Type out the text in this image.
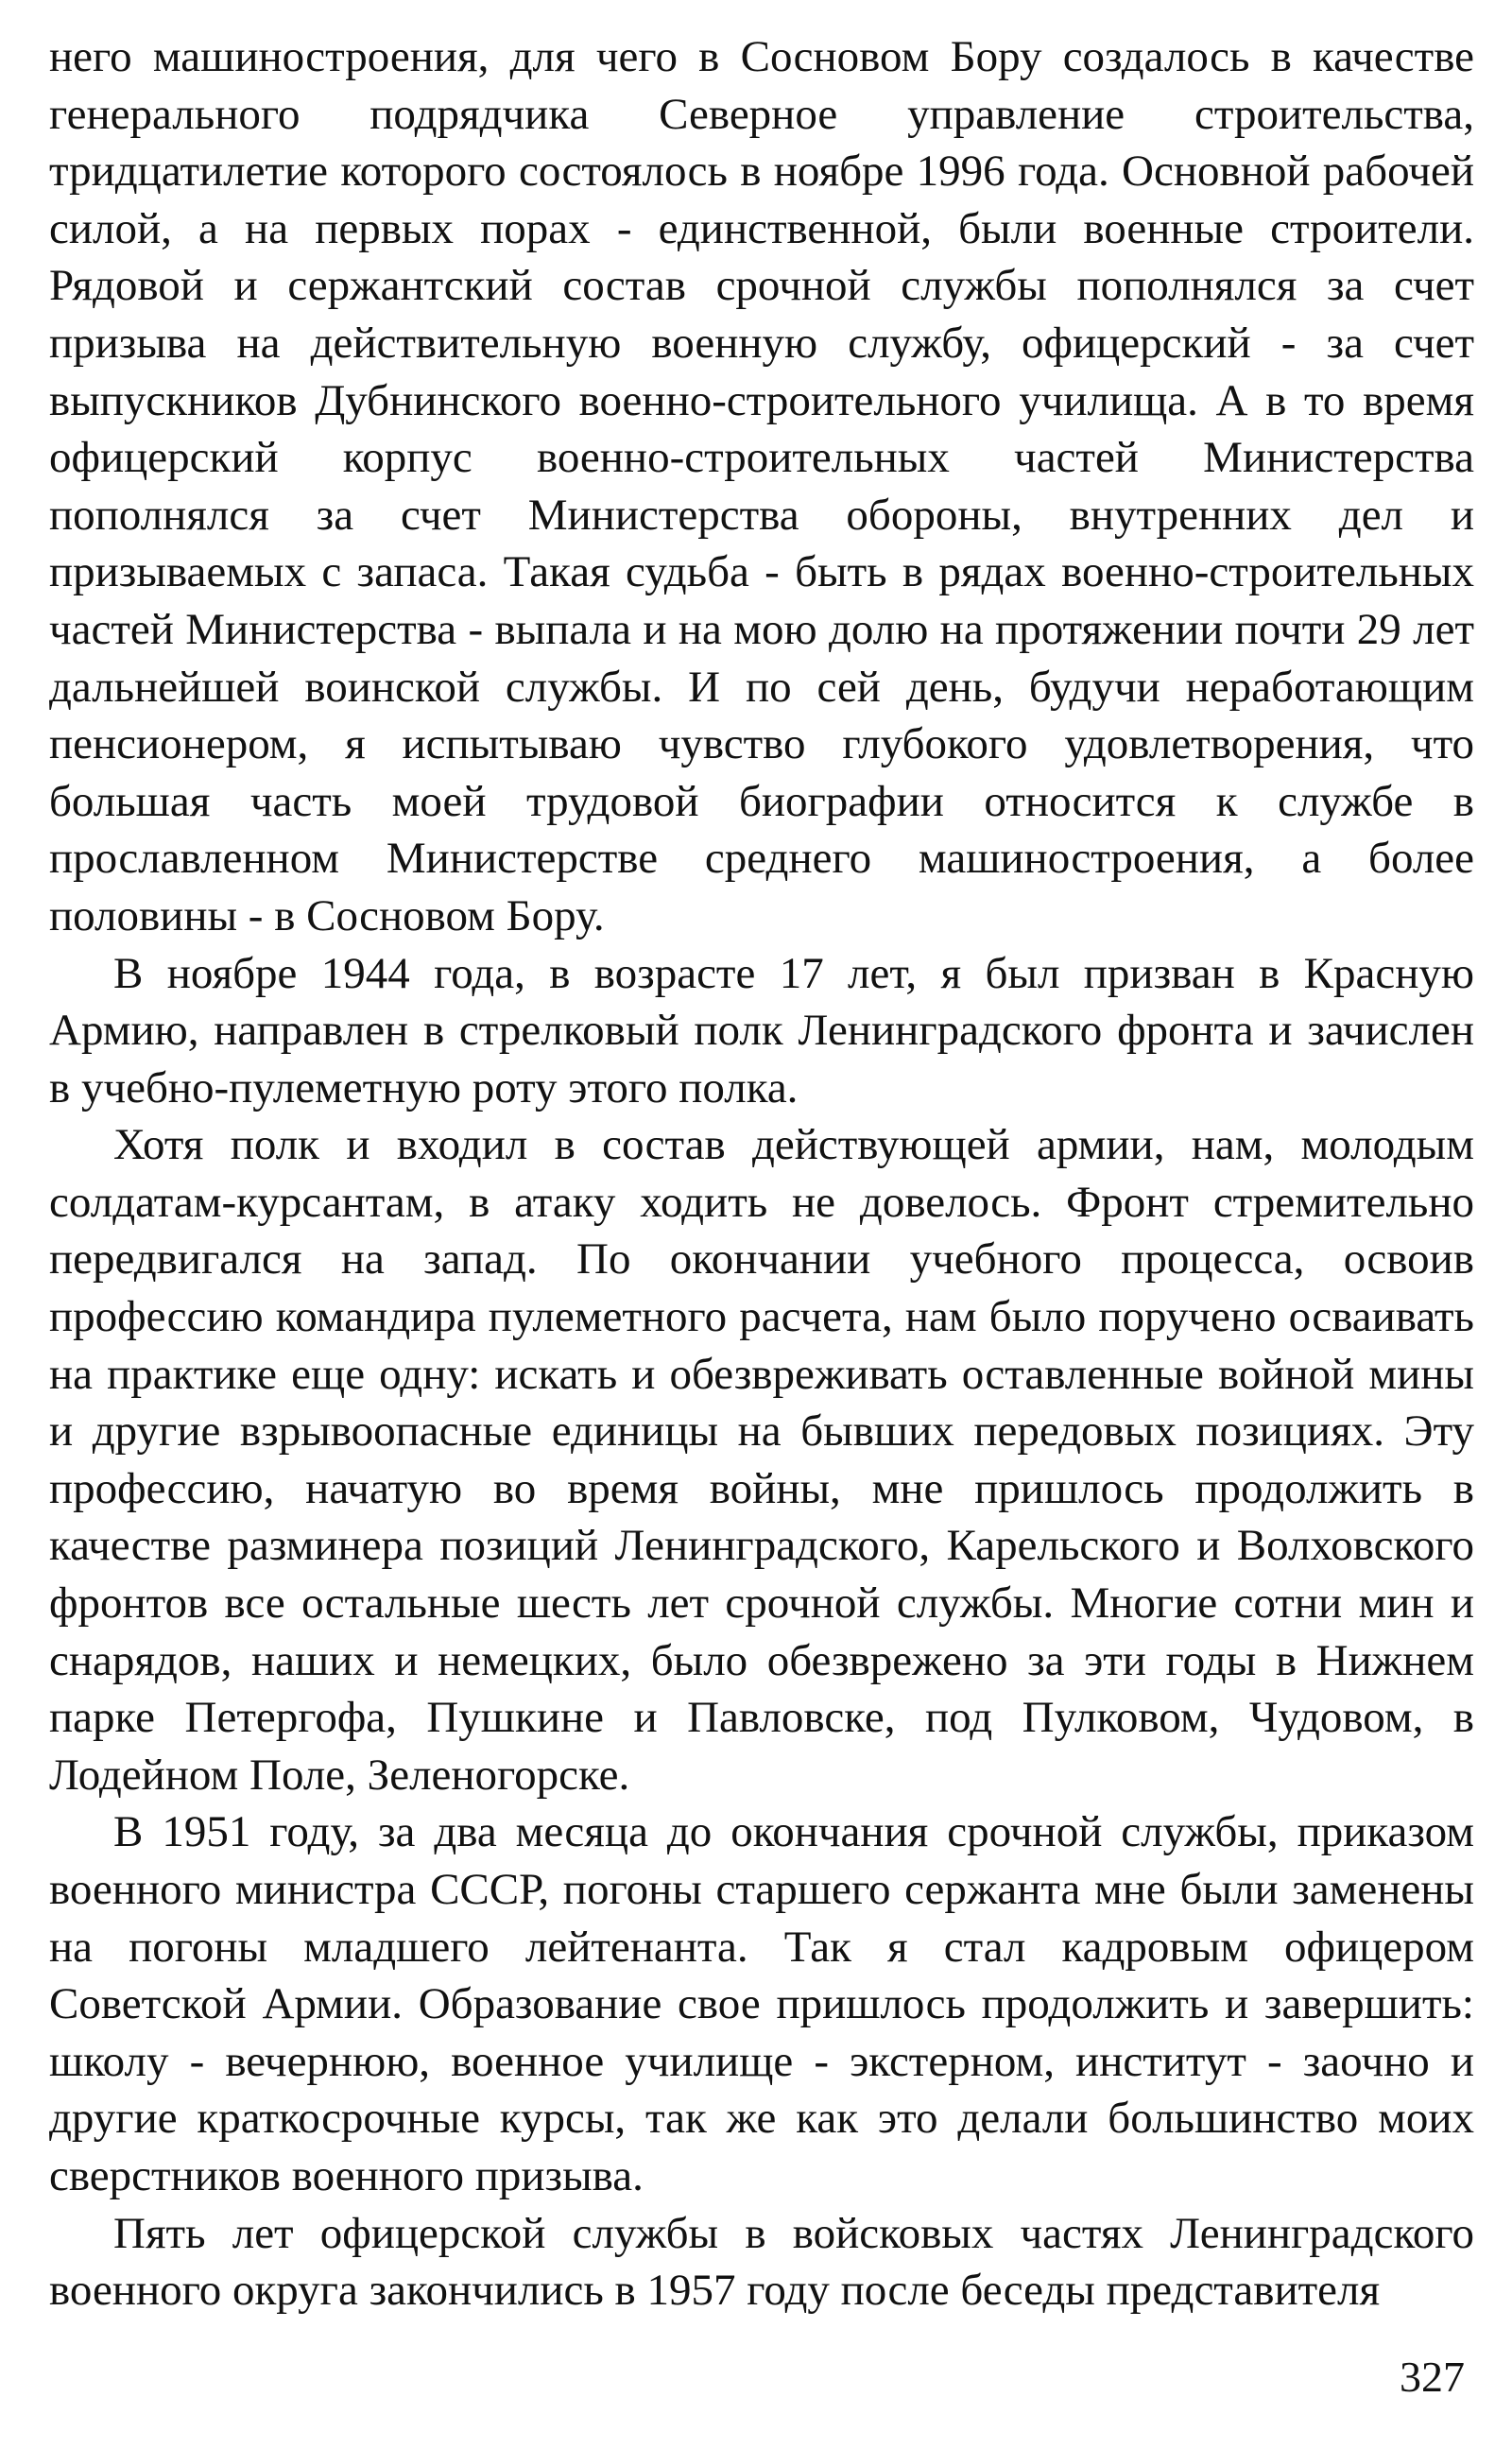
него машиностроения, для чего в Сосновом Бору создалось в качестве генерального подрядчика Северное управление строительства, тридцатилетие которого состоялось в ноябре 1996 года. Основной рабочей силой, а на первых порах - единственной, были военные строители. Рядовой и сержантский состав срочной службы пополнялся за счет призыва на действительную военную службу, офицерский - за счет выпускников Дубнинского военно-строительного училища. А в то время офицерский корпус военно-строительных частей Министерства пополнялся за счет Министерства обороны, внутренних дел и призываемых с запаса. Такая судьба - быть в рядах военно-строительных частей Министерства - выпала и на мою долю на протяжении почти 29 лет дальнейшей воинской службы. И по сей день, будучи неработающим пенсионером, я испытываю чувство глубокого удовлетворения, что большая часть моей трудовой биографии относится к службе в прославленном Министерстве среднего машиностроения, а более половины - в Сосновом Бору.

В ноябре 1944 года, в возрасте 17 лет, я был призван в Красную Армию, направлен в стрелковый полк Ленинградского фронта и зачислен в учебно-пулеметную роту этого полка.

Хотя полк и входил в состав действующей армии, нам, молодым солдатам-курсантам, в атаку ходить не довелось. Фронт стремительно передвигался на запад. По окончании учебного процесса, освоив профессию командира пулеметного расчета, нам было поручено осваивать на практике еще одну: искать и обезвреживать оставленные войной мины и другие взрывоопасные единицы на бывших передовых позициях. Эту профессию, начатую во время войны, мне пришлось продолжить в качестве разминера позиций Ленинградского, Карельского и Волховского фронтов все остальные шесть лет срочной службы. Многие сотни мин и снарядов, наших и немецких, было обезврежено за эти годы в Нижнем парке Петергофа, Пушкине и Павловске, под Пулковом, Чудовом, в Лодейном Поле, Зеленогорске.

В 1951 году, за два месяца до окончания срочной службы, приказом военного министра СССР, погоны старшего сержанта мне были заменены на погоны младшего лейтенанта. Так я стал кадровым офицером Советской Армии. Образование свое пришлось продолжить и завершить: школу - вечернюю, военное училище - экстерном, институт - заочно и другие краткосрочные курсы, так же как это делали большинство моих сверстников военного призыва.

Пять лет офицерской службы в войсковых частях Ленинградского военного округа закончились в 1957 году после беседы представителя

327
